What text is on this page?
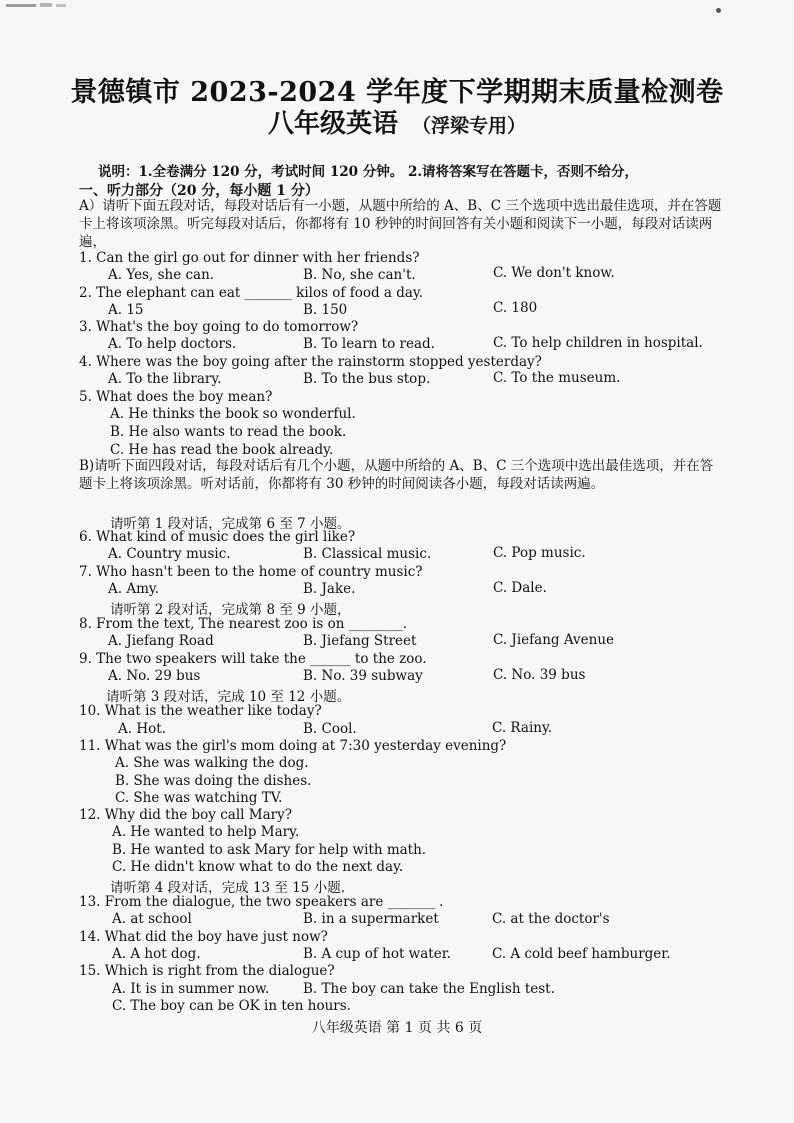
景德镇市 2023-2024 学年度下学期期末质量检测卷
八年级英语 （浮梁专用）
说明：1.全卷满分 120 分，考试时间 120 分钟。 2.请将答案写在答题卡，否则不给分，
一、听力部分（20 分，每小题 1 分）
A）请听下面五段对话，每段对话后有一小题，从题中所给的 A、B、C 三个选项中选出最佳选项，并在答题卡上将该项涂黑。听完每段对话后，你都将有 10 秒钟的时间回答有关小题和阅读下一小题，每段对话读两遍，
1. Can the girl go out for dinner with her friends?
A. Yes, she can.	B. No, she can't.	C. We don't know.
2. The elephant can eat _______ kilos of food a day.
A. 15	B. 150	C. 180
3. What's the boy going to do tomorrow?
A. To help doctors.	B. To learn to read.	C. To help children in hospital.
4. Where was the boy going after the rainstorm stopped yesterday?
A. To the library.	B. To the bus stop.	C. To the museum.
5. What does the boy mean?
A. He thinks the book so wonderful.
B. He also wants to read the book.
C. He has read the book already.
B)请听下面四段对话，每段对话后有几个小题，从题中所给的 A、B、C 三个选项中选出最佳选项，并在答题卡上将该项涂黑。听对话前，你都将有 30 秒钟的时间阅读各小题，每段对话读两遍。
请听第 1 段对话，完成第 6 至 7 小题。
6. What kind of music does the girl like?
A. Country music.	B. Classical music.	C. Pop music.
7. Who hasn't been to the home of country music?
A. Amy.	B. Jake.	C. Dale.
请听第 2 段对话，完成第 8 至 9 小题，
8. From the text, The nearest zoo is on ________.
A. Jiefang Road	B. Jiefang Street	C. Jiefang Avenue
9. The two speakers will take the ______ to the zoo.
A. No. 29 bus	B. No. 39 subway	C. No. 39 bus
请听第 3 段对话，完成 10 至 12 小题。
10. What is the weather like today?
A. Hot.	B. Cool.	C. Rainy.
11. What was the girl's mom doing at 7:30 yesterday evening?
A. She was walking the dog.
B. She was doing the dishes.
C. She was watching TV.
12. Why did the boy call Mary?
A. He wanted to help Mary.
B. He wanted to ask Mary for help with math.
C. He didn't know what to do the next day.
请听第 4 段对话，完成 13 至 15 小题.
13. From the dialogue, the two speakers are _______ .
A. at school	B. in a supermarket	C. at the doctor's
14. What did the boy have just now?
A. A hot dog.	B. A cup of hot water.	C. A cold beef hamburger.
15. Which is right from the dialogue?
A. It is in summer now.	B. The boy can take the English test.
C. The boy can be OK in ten hours.
八年级英语 第 1 页 共 6 页
